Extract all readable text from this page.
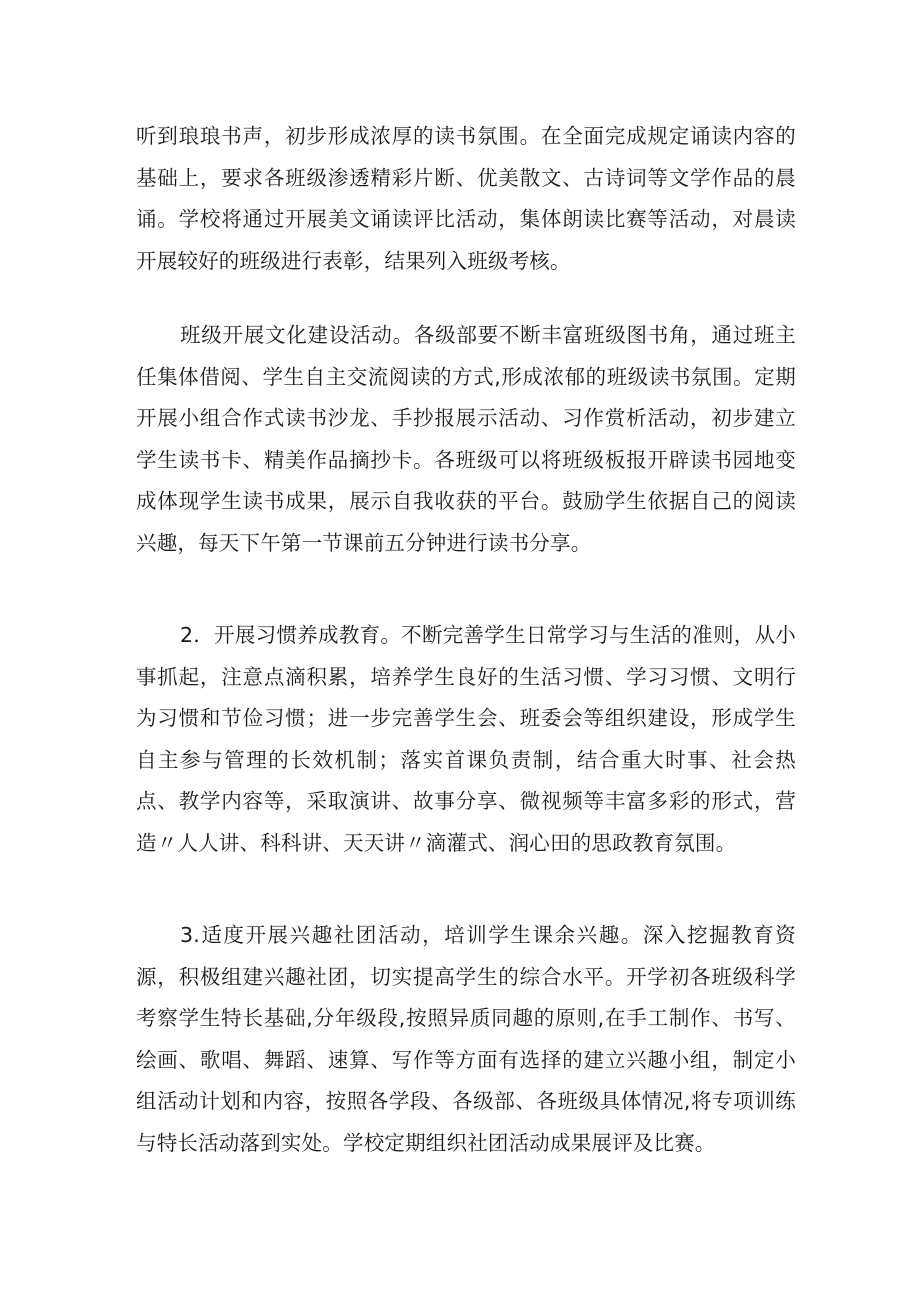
听到琅琅书声，初步形成浓厚的读书氛围。在全面完成规定诵读内容的基础上，要求各班级渗透精彩片断、优美散文、古诗词等文学作品的晨诵。学校将通过开展美文诵读评比活动，集体朗读比赛等活动，对晨读开展较好的班级进行表彰，结果列入班级考核。

班级开展文化建设活动。各级部要不断丰富班级图书角，通过班主任集体借阅、学生自主交流阅读的方式,形成浓郁的班级读书氛围。定期开展小组合作式读书沙龙、手抄报展示活动、习作赏析活动，初步建立学生读书卡、精美作品摘抄卡。各班级可以将班级板报开辟读书园地变成体现学生读书成果，展示自我收获的平台。鼓励学生依据自己的阅读兴趣，每天下午第一节课前五分钟进行读书分享。

2．开展习惯养成教育。不断完善学生日常学习与生活的准则，从小事抓起，注意点滴积累，培养学生良好的生活习惯、学习习惯、文明行为习惯和节俭习惯；进一步完善学生会、班委会等组织建设，形成学生自主参与管理的长效机制；落实首课负责制，结合重大时事、社会热点、教学内容等，采取演讲、故事分享、微视频等丰富多彩的形式，营造〃人人讲、科科讲、天天讲〃滴灌式、润心田的思政教育氛围。

3.适度开展兴趣社团活动，培训学生课余兴趣。深入挖掘教育资源，积极组建兴趣社团，切实提高学生的综合水平。开学初各班级科学考察学生特长基础,分年级段,按照异质同趣的原则,在手工制作、书写、绘画、歌唱、舞蹈、速算、写作等方面有选择的建立兴趣小组，制定小组活动计划和内容，按照各学段、各级部、各班级具体情况,将专项训练与特长活动落到实处。学校定期组织社团活动成果展评及比赛。
